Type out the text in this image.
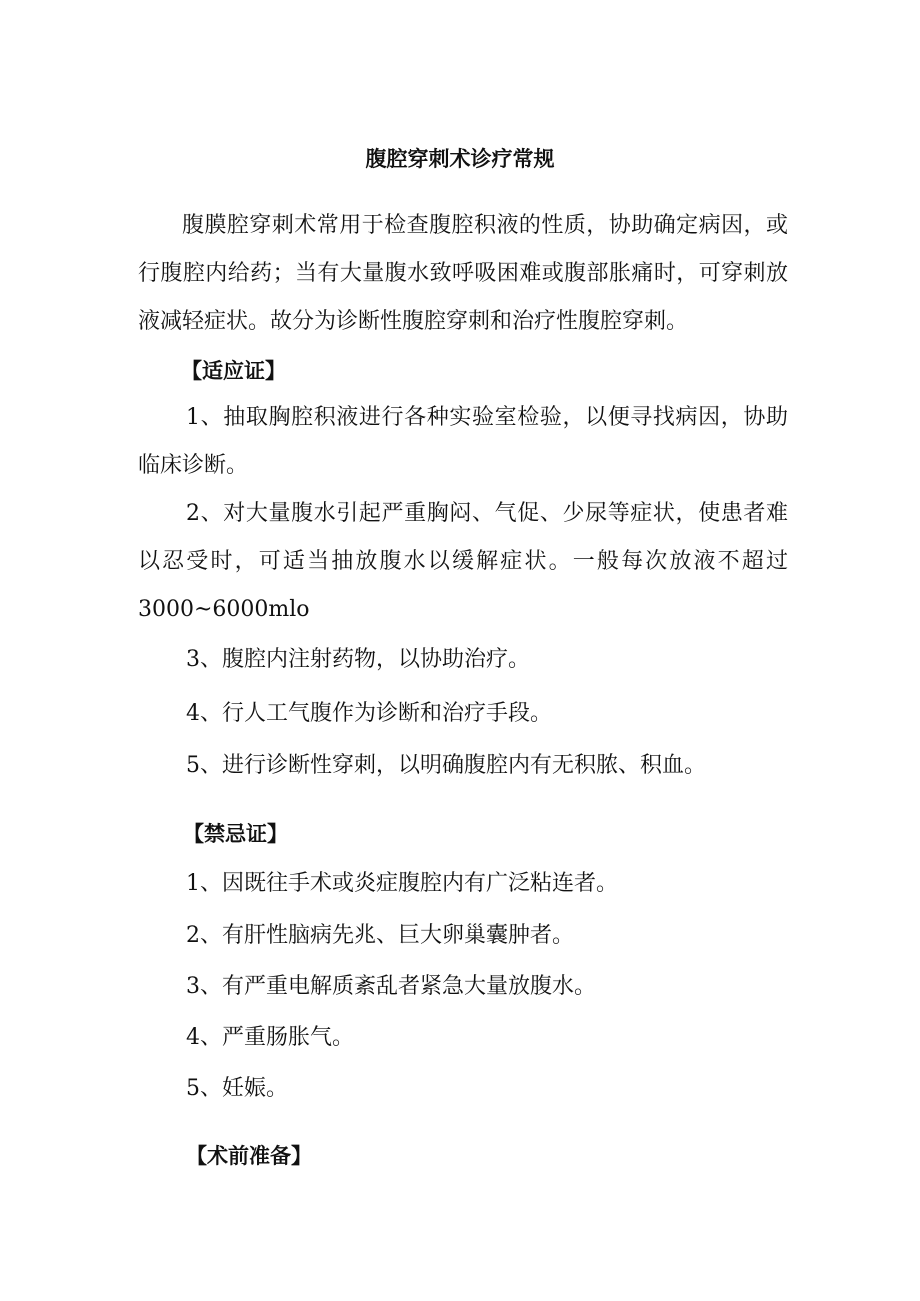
腹腔穿刺术诊疗常规

腹膜腔穿刺术常用于检查腹腔积液的性质，协助确定病因，或行腹腔内给药；当有大量腹水致呼吸困难或腹部胀痛时，可穿刺放液减轻症状。故分为诊断性腹腔穿刺和治疗性腹腔穿刺。

【适应证】

1、抽取胸腔积液进行各种实验室检验，以便寻找病因，协助临床诊断。

2、对大量腹水引起严重胸闷、气促、少尿等症状，使患者难以忍受时，可适当抽放腹水以缓解症状。一般每次放液不超过3000~6000mlo

3、腹腔内注射药物，以协助治疗。

4、行人工气腹作为诊断和治疗手段。

5、进行诊断性穿刺，以明确腹腔内有无积脓、积血。

【禁忌证】

1、因既往手术或炎症腹腔内有广泛粘连者。

2、有肝性脑病先兆、巨大卵巢囊肿者。

3、有严重电解质紊乱者紧急大量放腹水。

4、严重肠胀气。

5、妊娠。

【术前准备】
